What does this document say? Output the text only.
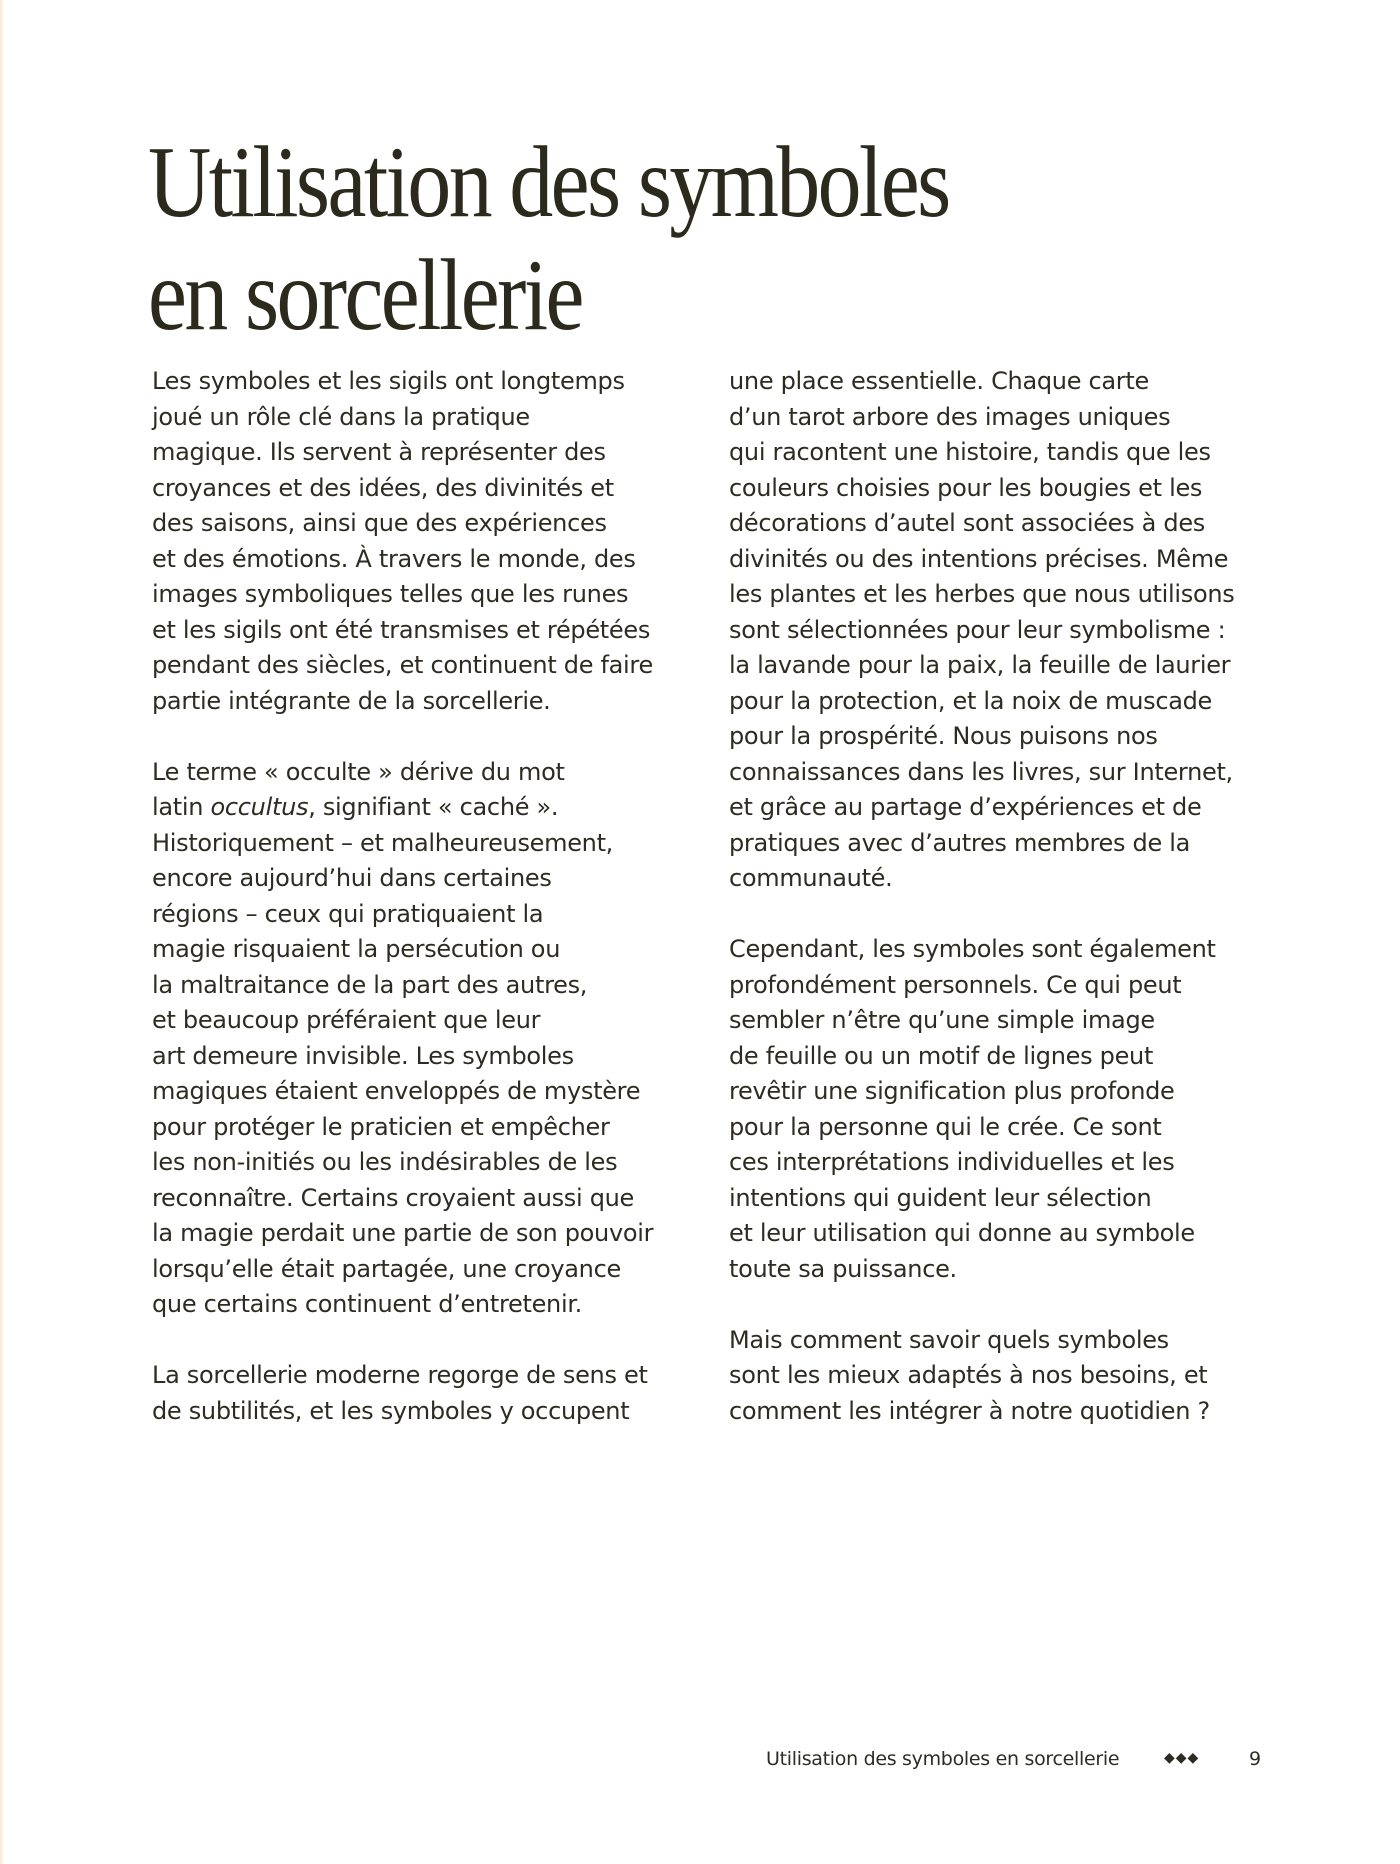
Utilisation des symboles
en sorcellerie

Les symboles et les sigils ont longtemps
joué un rôle clé dans la pratique
magique. Ils servent à représenter des
croyances et des idées, des divinités et
des saisons, ainsi que des expériences
et des émotions. À travers le monde, des
images symboliques telles que les runes
et les sigils ont été transmises et répétées
pendant des siècles, et continuent de faire
partie intégrante de la sorcellerie.

Le terme « occulte » dérive du mot
latin occultus, signifiant « caché ».
Historiquement – et malheureusement,
encore aujourd’hui dans certaines
régions – ceux qui pratiquaient la
magie risquaient la persécution ou
la maltraitance de la part des autres,
et beaucoup préféraient que leur
art demeure invisible. Les symboles
magiques étaient enveloppés de mystère
pour protéger le praticien et empêcher
les non-initiés ou les indésirables de les
reconnaître. Certains croyaient aussi que
la magie perdait une partie de son pouvoir
lorsqu’elle était partagée, une croyance
que certains continuent d’entretenir.

La sorcellerie moderne regorge de sens et
de subtilités, et les symboles y occupent

une place essentielle. Chaque carte
d’un tarot arbore des images uniques
qui racontent une histoire, tandis que les
couleurs choisies pour les bougies et les
décorations d’autel sont associées à des
divinités ou des intentions précises. Même
les plantes et les herbes que nous utilisons
sont sélectionnées pour leur symbolisme :
la lavande pour la paix, la feuille de laurier
pour la protection, et la noix de muscade
pour la prospérité. Nous puisons nos
connaissances dans les livres, sur Internet,
et grâce au partage d’expériences et de
pratiques avec d’autres membres de la
communauté.

Cependant, les symboles sont également
profondément personnels. Ce qui peut
sembler n’être qu’une simple image
de feuille ou un motif de lignes peut
revêtir une signification plus profonde
pour la personne qui le crée. Ce sont
ces interprétations individuelles et les
intentions qui guident leur sélection
et leur utilisation qui donne au symbole
toute sa puissance.

Mais comment savoir quels symboles
sont les mieux adaptés à nos besoins, et
comment les intégrer à notre quotidien ?

Utilisation des symboles en sorcellerie	◆◆◆	9
